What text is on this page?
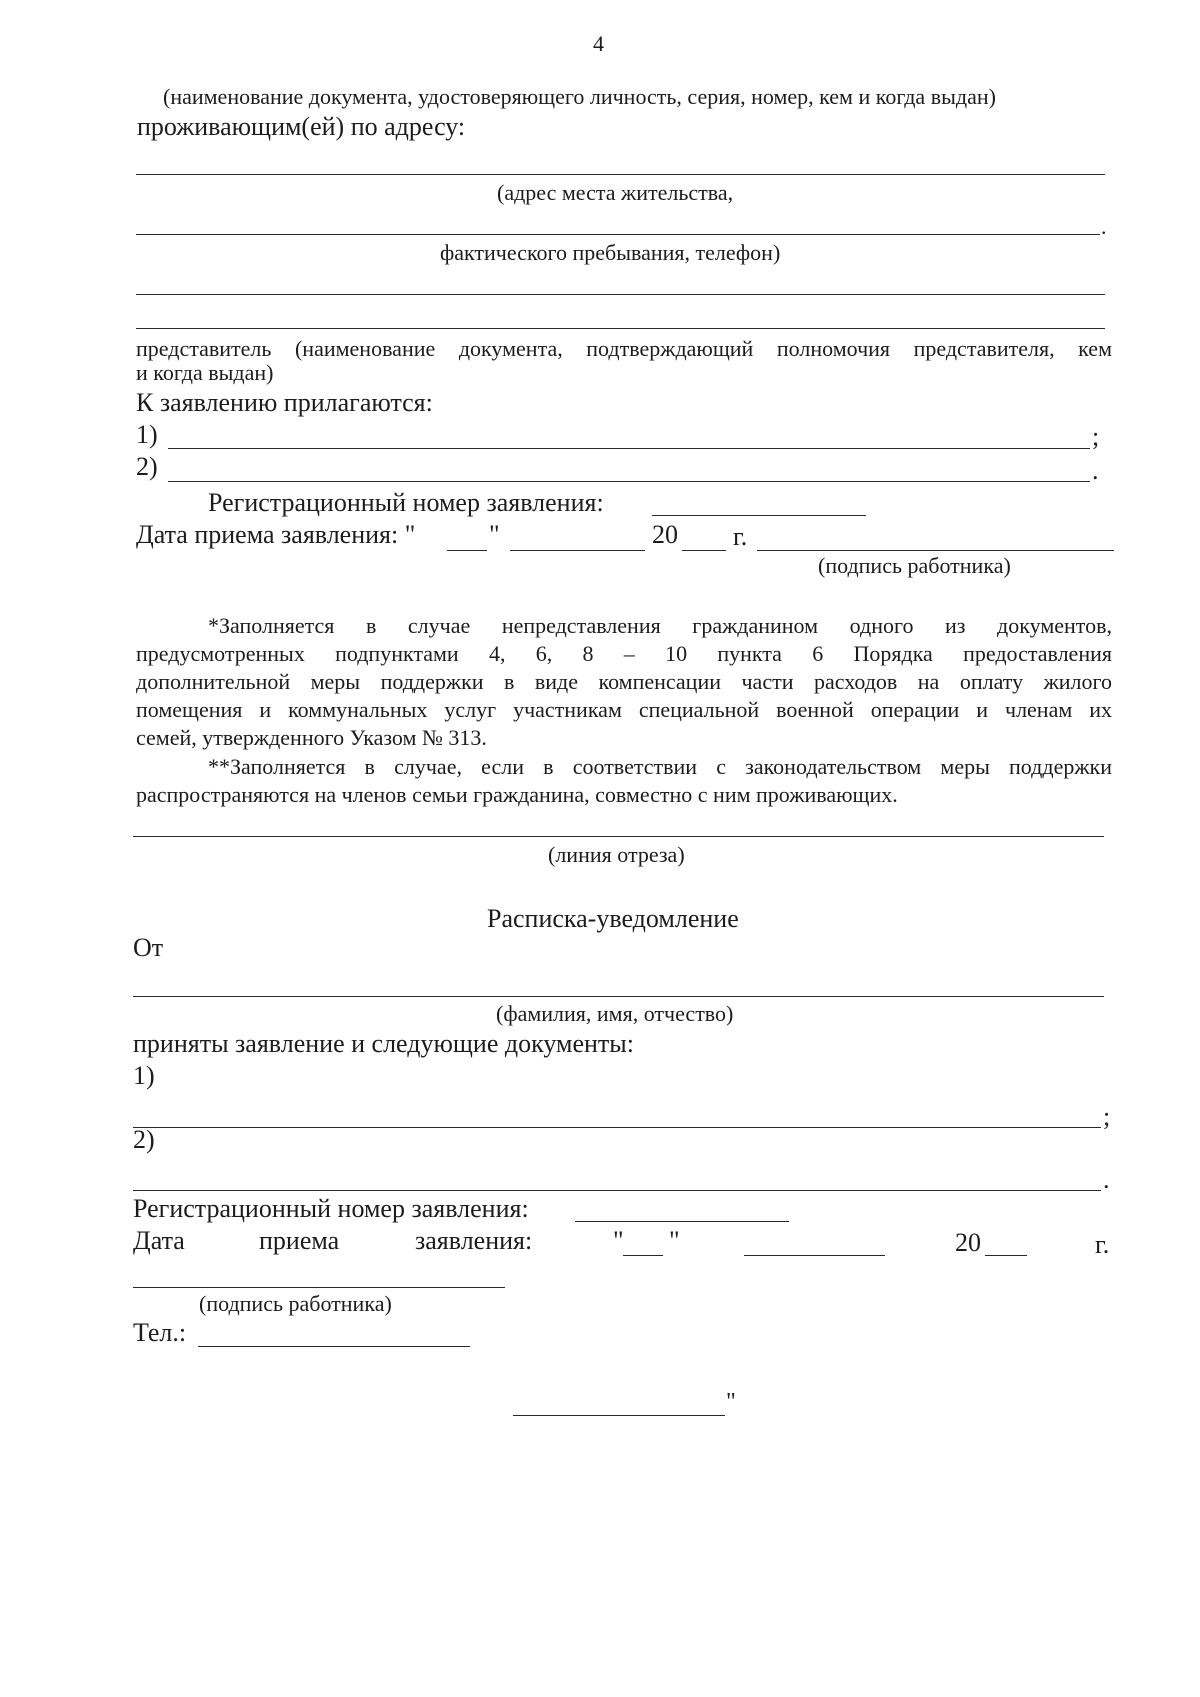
4
(наименование документа, удостоверяющего личность, серия, номер, кем и когда выдан)
проживающим(ей) по адресу:
(адрес места жительства,
.
фактического пребывания, телефон)
представитель (наименование документа, подтверждающий полномочия представителя, кем
и когда выдан)
К заявлению прилагаются:
1)	;
2)	.
Регистрационный номер заявления:
Дата приема заявления: "	"	20 г.
(подпись работника)
*Заполняется в случае непредставления гражданином одного из документов,
предусмотренных подпунктами 4, 6, 8 – 10 пункта 6 Порядка предоставления
дополнительной меры поддержки в виде компенсации части расходов на оплату жилого
помещения и коммунальных услуг участникам специальной военной операции и членам их
семей, утвержденного Указом № 313.
**Заполняется в случае, если в соответствии с законодательством меры поддержки
распространяются на членов семьи гражданина, совместно с ним проживающих.
(линия отреза)
Расписка-уведомление
От
(фамилия, имя, отчество)
приняты заявление и следующие документы:
1)
;
2)
.
Регистрационный номер заявления:
Дата	приема	заявления:	" "	20	г.
(подпись работника)
Тел.:
"
